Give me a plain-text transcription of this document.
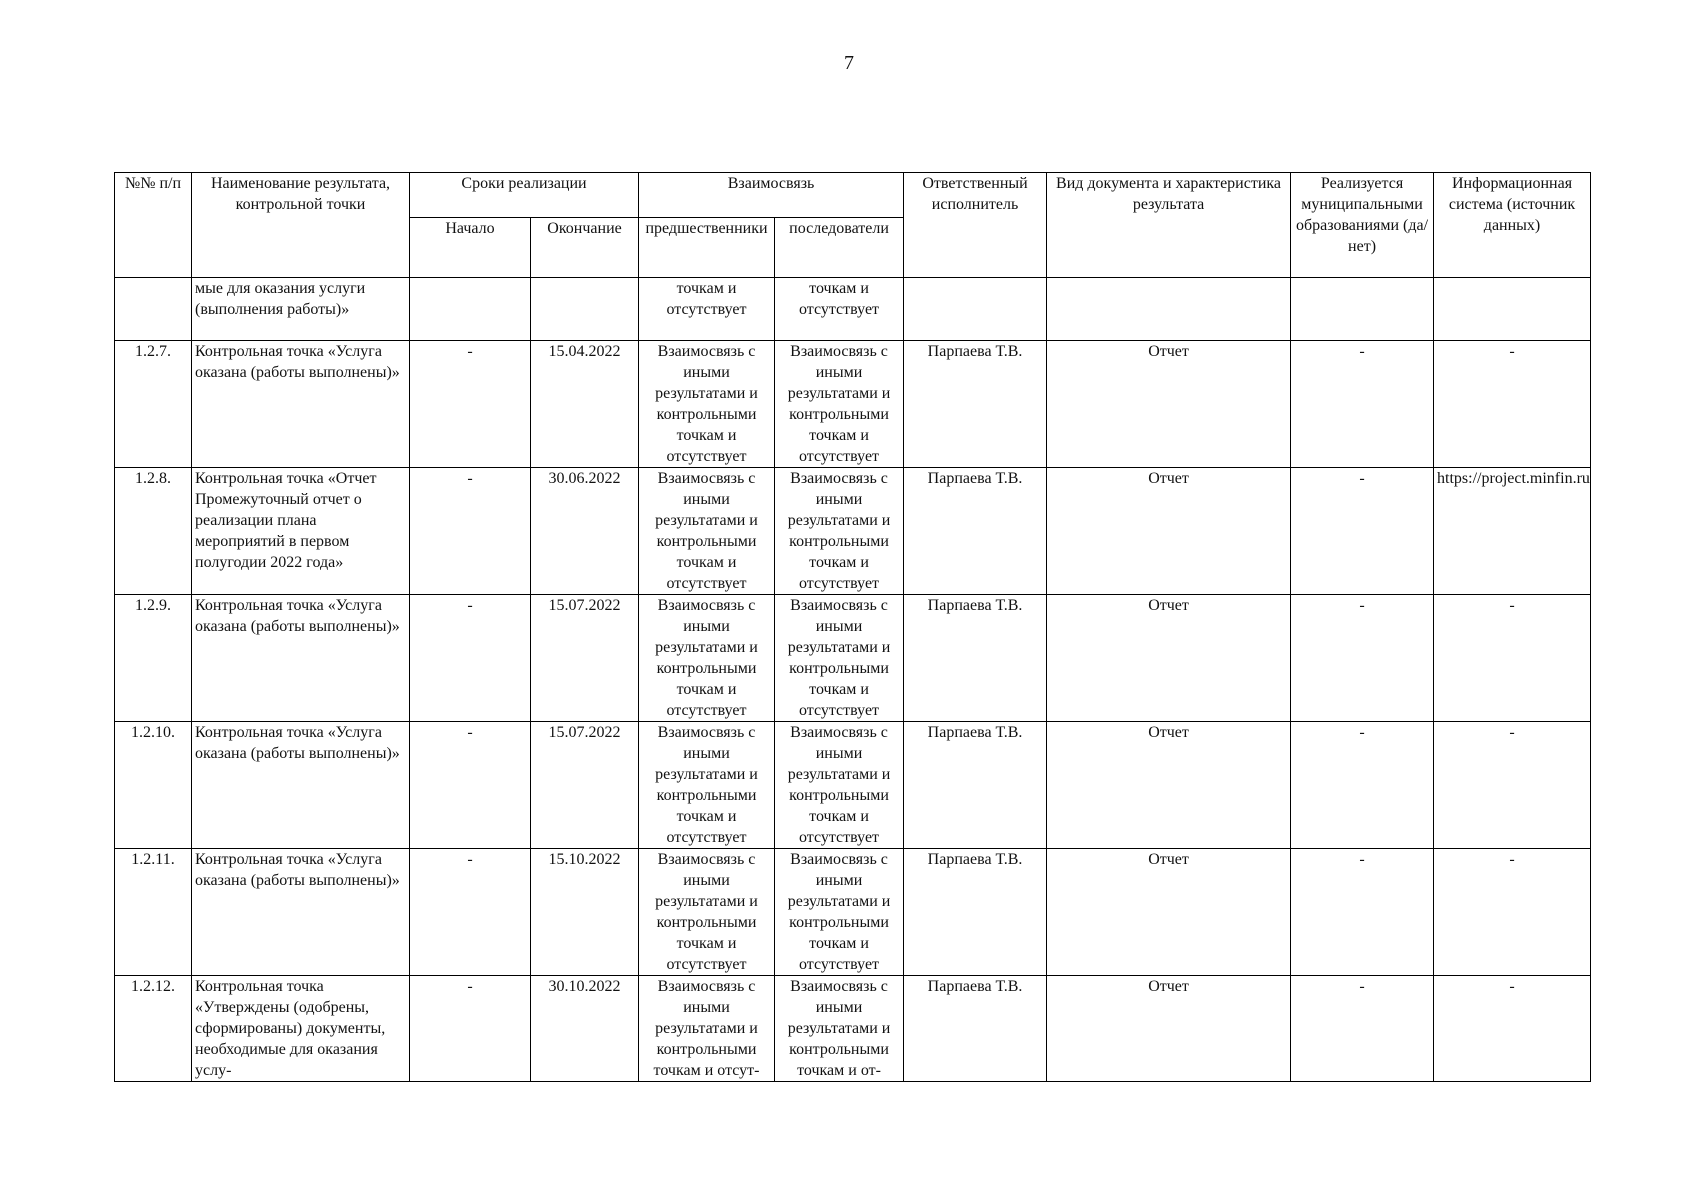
7
№№ п/п	Наименование результата, контрольной точки	Сроки реализации		Взаимосвязь		Ответственный исполнитель	Вид документа и характеристика результата	Реализуется муниципальными образованиями (да/нет)	Информационная система (источник данных)
		Начало	Окончание	предшественники	последователи				
	мые для оказания услуги (выполнения работы)»			точкам и отсутствует	точкам и отсутствует				
1.2.7.	Контрольная точка «Услуга оказана (работы выполнены)»	-	15.04.2022	Взаимосвязь с иными результатами и контрольными точкам и отсутствует	Взаимосвязь с иными результатами и контрольными точкам и отсутствует	Парпаева Т.В.	Отчет	-	-
1.2.8.	Контрольная точка «Отчет Промежуточный отчет о реализации плана мероприятий в первом полугодии 2022 года»	-	30.06.2022	Взаимосвязь с иными результатами и контрольными точкам и отсутствует	Взаимосвязь с иными результатами и контрольными точкам и отсутствует	Парпаева Т.В.	Отчет	-	https://project.minfin.ru
1.2.9.	Контрольная точка «Услуга оказана (работы выполнены)»	-	15.07.2022	Взаимосвязь с иными результатами и контрольными точкам и отсутствует	Взаимосвязь с иными результатами и контрольными точкам и отсутствует	Парпаева Т.В.	Отчет	-	-
1.2.10.	Контрольная точка «Услуга оказана (работы выполнены)»	-	15.07.2022	Взаимосвязь с иными результатами и контрольными точкам и отсутствует	Взаимосвязь с иными результатами и контрольными точкам и отсутствует	Парпаева Т.В.	Отчет	-	-
1.2.11.	Контрольная точка «Услуга оказана (работы выполнены)»	-	15.10.2022	Взаимосвязь с иными результатами и контрольными точкам и отсутствует	Взаимосвязь с иными результатами и контрольными точкам и отсутствует	Парпаева Т.В.	Отчет	-	-
1.2.12.	Контрольная точка «Утверждены (одобрены, сформированы) документы, необходимые для оказания услу-	-	30.10.2022	Взаимосвязь с иными результатами и контрольными точкам и отсут-	Взаимосвязь с иными результатами и контрольными точкам и от-	Парпаева Т.В.	Отчет	-	-
